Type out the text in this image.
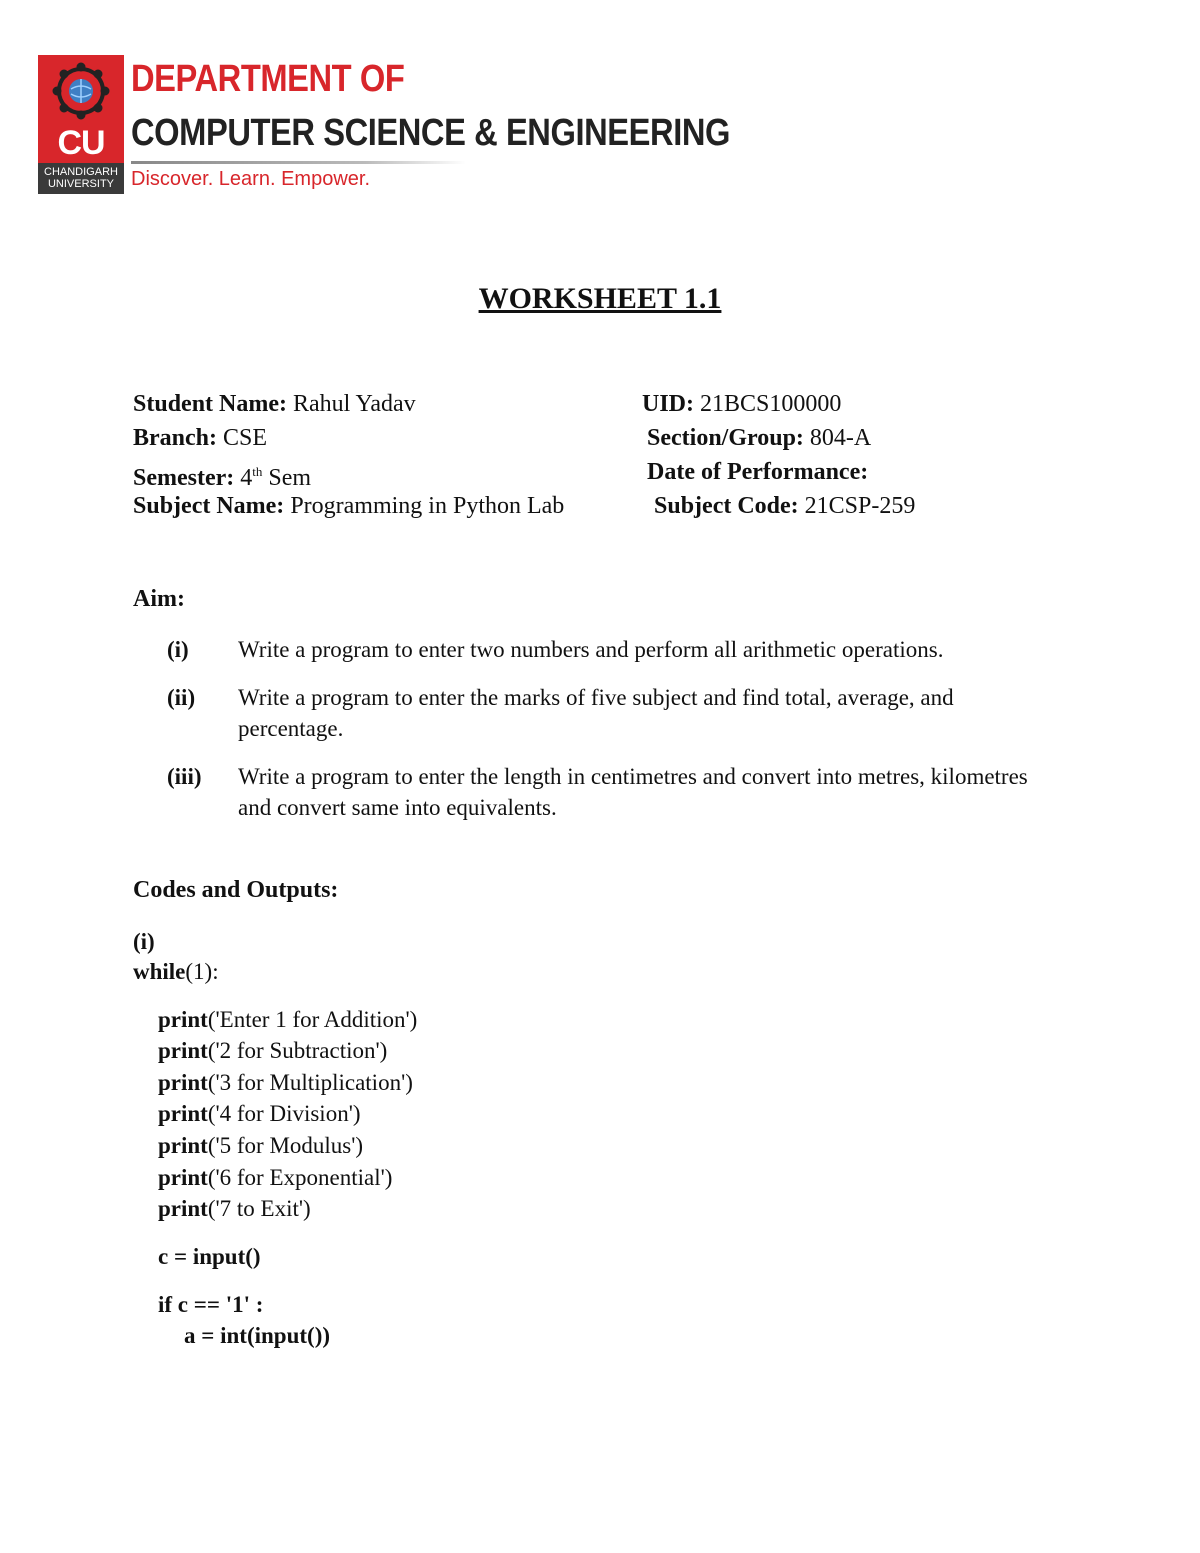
CU
CHANDIGARH
UNIVERSITY
DEPARTMENT OF
COMPUTER SCIENCE & ENGINEERING
Discover. Learn. Empower.
WORKSHEET 1.1
Student Name: Rahul Yadav	UID: 21BCS100000
Branch: CSE	Section/Group: 804-A
Semester: 4th Sem	Date of Performance:
Subject Name: Programming in Python Lab	Subject Code: 21CSP-259
Aim:
(i) Write a program to enter two numbers and perform all arithmetic operations.
(ii) Write a program to enter the marks of five subject and find total, average, and percentage.
(iii) Write a program to enter the length in centimetres and convert into metres, kilometres and convert same into equivalents.
Codes and Outputs:
(i)
while(1):
print('Enter 1 for Addition')
print('2 for Subtraction')
print('3 for Multiplication')
print('4 for Division')
print('5 for Modulus')
print('6 for Exponential')
print('7 to Exit')
c = input()
if c == '1' :
a = int(input())
